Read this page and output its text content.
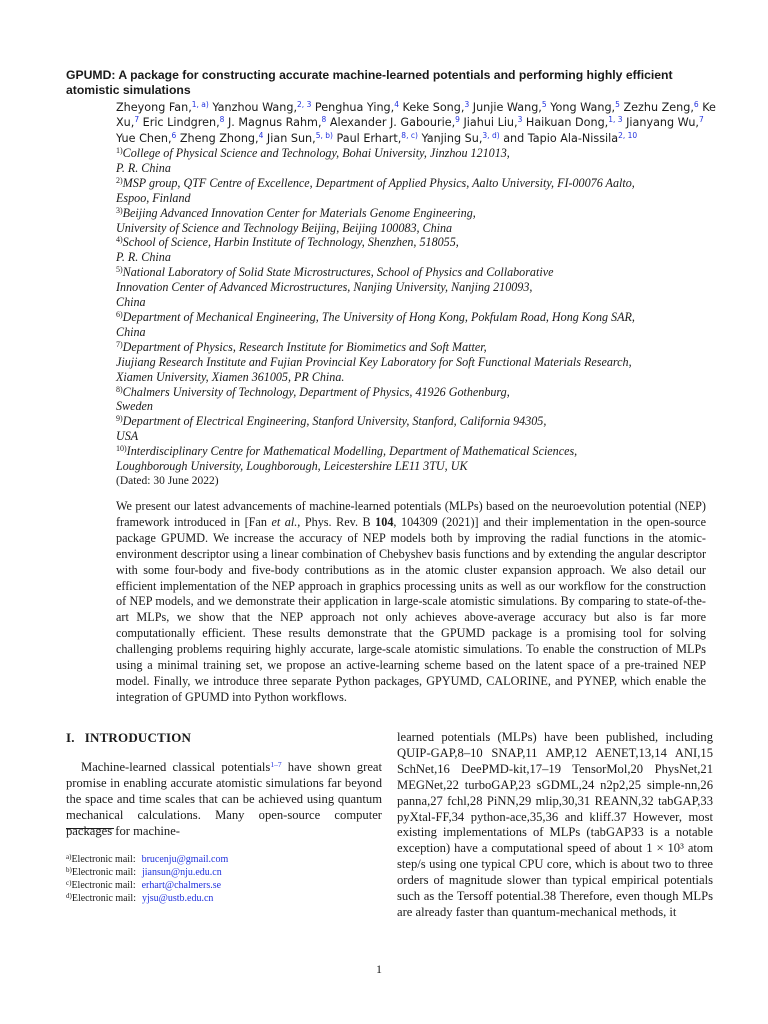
GPUMD: A package for constructing accurate machine-learned potentials and performing highly efficient atomistic simulations
Zheyong Fan,$^{1, a)}$ Yanzhou Wang,$^{2, 3}$ Penghua Ying,$^4$ Keke Song,$^3$ Junjie Wang,$^5$ Yong Wang,$^5$ Zezhu Zeng,$^6$ Ke Xu,$^7$ Eric Lindgren,$^8$ J. Magnus Rahm,$^8$ Alexander J. Gabourie,$^9$ Jiahui Liu,$^3$ Haikuan Dong,$^{1, 3}$ Jianyang Wu,$^7$ Yue Chen,$^6$ Zheng Zhong,$^4$ Jian Sun,$^{5, b)}$ Paul Erhart,$^{8, c)}$ Yanjing Su,$^{3, d)}$ and Tapio Ala-Nissila$^{2, 10}$
$^{1)}$College of Physical Science and Technology, Bohai University, Jinzhou 121013,
P. R. China
$^{2)}$MSP group, QTF Centre of Excellence, Department of Applied Physics, Aalto University, FI-00076 Aalto,
Espoo, Finland
$^{3)}$Beijing Advanced Innovation Center for Materials Genome Engineering,
University of Science and Technology Beijing, Beijing 100083, China
$^{4)}$School of Science, Harbin Institute of Technology, Shenzhen, 518055,
P. R. China
$^{5)}$National Laboratory of Solid State Microstructures, School of Physics and Collaborative
Innovation Center of Advanced Microstructures, Nanjing University, Nanjing 210093,
China
$^{6)}$Department of Mechanical Engineering, The University of Hong Kong, Pokfulam Road, Hong Kong SAR,
China
$^{7)}$Department of Physics, Research Institute for Biomimetics and Soft Matter,
Jiujiang Research Institute and Fujian Provincial Key Laboratory for Soft Functional Materials Research,
Xiamen University, Xiamen 361005, PR China.
$^{8)}$Chalmers University of Technology, Department of Physics, 41926 Gothenburg,
Sweden
$^{9)}$Department of Electrical Engineering, Stanford University, Stanford, California 94305,
USA
$^{10)}$Interdisciplinary Centre for Mathematical Modelling, Department of Mathematical Sciences,
Loughborough University, Loughborough, Leicestershire LE11 3TU, UK
(Dated: 30 June 2022)
We present our latest advancements of machine-learned potentials (MLPs) based on the neuroevolution potential (NEP) framework introduced in [Fan et al., Phys. Rev. B 104, 104309 (2021)] and their implementation in the open-source package GPUMD. We increase the accuracy of NEP models both by improving the radial functions in the atomic-environment descriptor using a linear combination of Chebyshev basis functions and by extending the angular descriptor with some four-body and five-body contributions as in the atomic cluster expansion approach. We also detail our efficient implementation of the NEP approach in graphics processing units as well as our workflow for the construction of NEP models, and we demonstrate their application in large-scale atomistic simulations. By comparing to state-of-the-art MLPs, we show that the NEP approach not only achieves above-average accuracy but also is far more computationally efficient. These results demonstrate that the GPUMD package is a promising tool for solving challenging problems requiring highly accurate, large-scale atomistic simulations. To enable the construction of MLPs using a minimal training set, we propose an active-learning scheme based on the latent space of a pre-trained NEP model. Finally, we introduce three separate Python packages, GPYUMD, CALORINE, and PYNEP, which enable the integration of GPUMD into Python workflows.
I. INTRODUCTION

Machine-learned classical potentials$^{1-7}$ have shown great promise in enabling accurate atomistic simulations far beyond the space and time scales that can be achieved using quantum mechanical calculations. Many open-source computer packages for machine-

learned potentials (MLPs) have been published, including QUIP-GAP,8–10 SNAP,11 AMP,12 AENET,13,14 ANI,15 SchNet,16 DeePMD-kit,17–19 TensorMol,20 PhysNet,21 MEGNet,22 turboGAP,23 sGDML,24 n2p2,25 simple-nn,26 panna,27 fchl,28 PiNN,29 mlip,30,31 REANN,32 tabGAP,33 pyXtal-FF,34 python-ace,35,36 and kliff.37 However, most existing implementations of MLPs (tabGAP33 is a notable exception) have a computational speed of about 1 × 10³ atom step/s using one typical CPU core, which is about two to three orders of magnitude slower than typical empirical potentials such as the Tersoff potential.38 Therefore, even though MLPs are already faster than quantum-mechanical methods, it

$^{a)}$Electronic mail: brucenju@gmail.com
$^{b)}$Electronic mail: jiansun@nju.edu.cn
$^{c)}$Electronic mail: erhart@chalmers.se
$^{d)}$Electronic mail: yjsu@ustb.edu.cn
1
